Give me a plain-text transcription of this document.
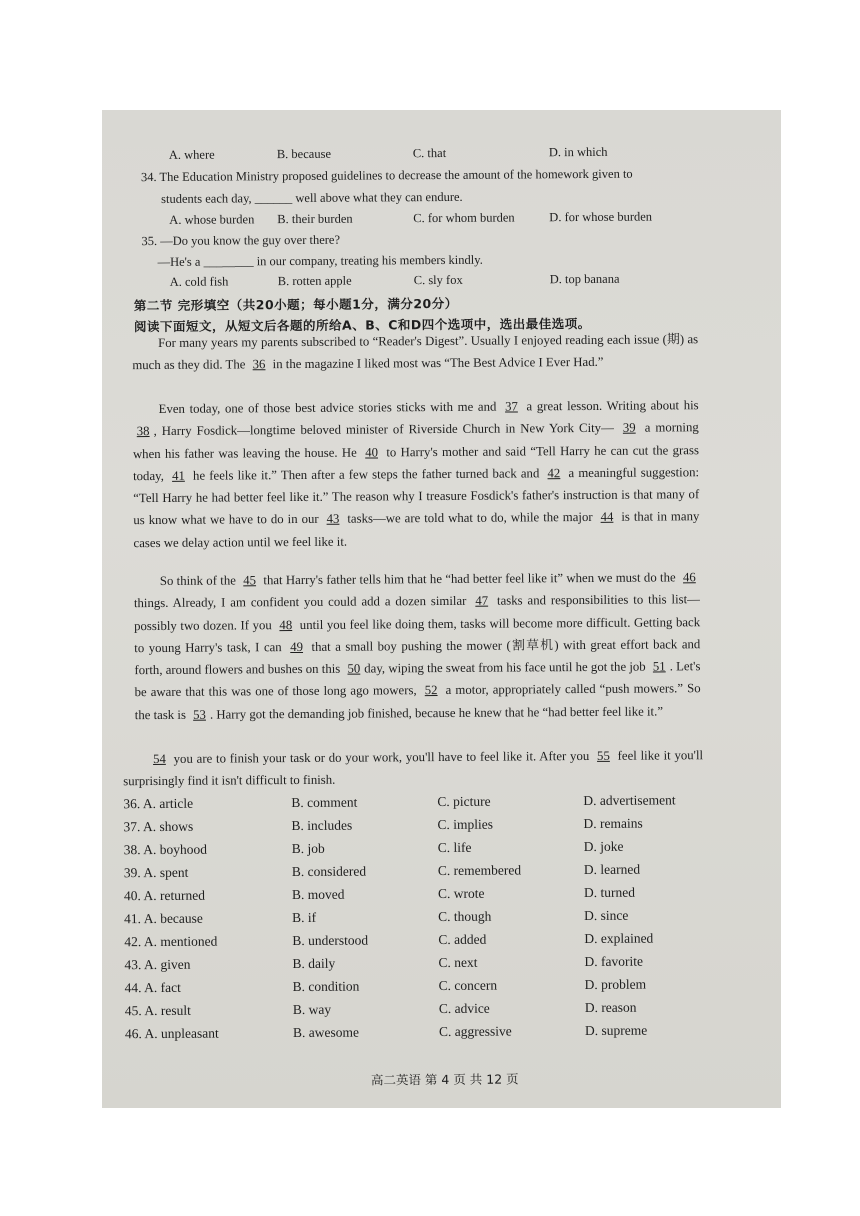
A. where	B. because	C. that	D. in which
34. The Education Ministry proposed guidelines to decrease the amount of the homework given to
students each day, ______ well above what they can endure.
A. whose burden B. their burden	C. for whom burden	D. for whose burden
35. —Do you know the guy over there?
—He's a ________ in our company, treating his members kindly.
A. cold fish	B. rotten apple	C. sly fox	D. top banana
第二节 完形填空（共20小题；每小题1分，满分20分）
阅读下面短文，从短文后各题的所给A、B、C和D四个选项中，选出最佳选项。
For many years my parents subscribed to “Reader's Digest”. Usually I enjoyed reading each issue (期) as much as they did. The 36 in the magazine I liked most was “The Best Advice I Ever Had.”
Even today, one of those best advice stories sticks with me and 37 a great lesson. Writing about his 38 , Harry Fosdick—longtime beloved minister of Riverside Church in New York City— 39 a morning when his father was leaving the house. He 40 to Harry's mother and said “Tell Harry he can cut the grass today, 41 he feels like it.” Then after a few steps the father turned back and 42 a meaningful suggestion: “Tell Harry he had better feel like it.” The reason why I treasure Fosdick's father's instruction is that many of us know what we have to do in our 43 tasks—we are told what to do, while the major 44 is that in many cases we delay action until we feel like it.
So think of the 45 that Harry's father tells him that he “had better feel like it” when we must do the 46 things. Already, I am confident you could add a dozen similar 47 tasks and responsibilities to this list—possibly two dozen. If you 48 until you feel like doing them, tasks will become more difficult. Getting back to young Harry's task, I can 49 that a small boy pushing the mower (割草机) with great effort back and forth, around flowers and bushes on this 50 day, wiping the sweat from his face until he got the job 51 . Let's be aware that this was one of those long ago mowers, 52 a motor, appropriately called “push mowers.” So the task is 53 . Harry got the demanding job finished, because he knew that he “had better feel like it.”
54 you are to finish your task or do your work, you'll have to feel like it. After you 55 feel like it you'll surprisingly find it isn't difficult to finish.
36. A. article	B. comment	C. picture	D. advertisement
37. A. shows	B. includes	C. implies	D. remains
38. A. boyhood	B. job	C. life	D. joke
39. A. spent	B. considered	C. remembered	D. learned
40. A. returned	B. moved	C. wrote	D. turned
41. A. because	B. if	C. though	D. since
42. A. mentioned	B. understood	C. added	D. explained
43. A. given	B. daily	C. next	D. favorite
44. A. fact	B. condition	C. concern	D. problem
45. A. result	B. way	C. advice	D. reason
46. A. unpleasant	B. awesome	C. aggressive	D. supreme
高二英语 第 4 页 共 12 页
